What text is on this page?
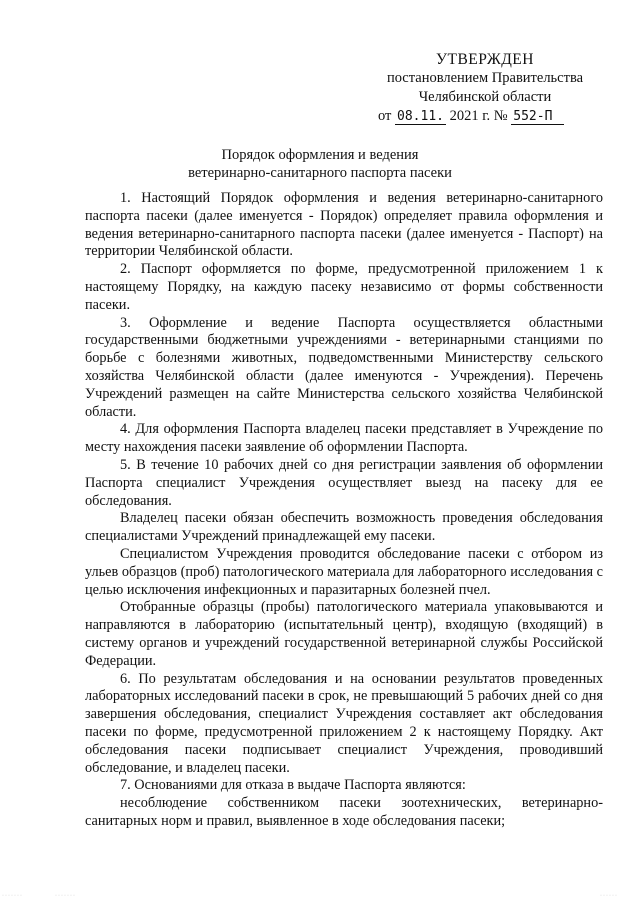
УТВЕРЖДЕН
постановлением Правительства
Челябинской области
от 08.11. 2021 г. № 552-П
Порядок оформления и ведения
ветеринарно-санитарного паспорта пасеки

1. Настоящий Порядок оформления и ведения ветеринарно-санитарного паспорта пасеки (далее именуется - Порядок) определяет правила оформления и ведения ветеринарно-санитарного паспорта пасеки (далее именуется - Паспорт) на территории Челябинской области.

2. Паспорт оформляется по форме, предусмотренной приложением 1 к настоящему Порядку, на каждую пасеку независимо от формы собственности пасеки.

3. Оформление и ведение Паспорта осуществляется областными государственными бюджетными учреждениями - ветеринарными станциями по борьбе с болезнями животных, подведомственными Министерству сельского хозяйства Челябинской области (далее именуются - Учреждения). Перечень Учреждений размещен на сайте Министерства сельского хозяйства Челябинской области.

4. Для оформления Паспорта владелец пасеки представляет в Учреждение по месту нахождения пасеки заявление об оформлении Паспорта.

5. В течение 10 рабочих дней со дня регистрации заявления об оформлении Паспорта специалист Учреждения осуществляет выезд на пасеку для ее обследования.

Владелец пасеки обязан обеспечить возможность проведения обследования специалистами Учреждений принадлежащей ему пасеки.

Специалистом Учреждения проводится обследование пасеки с отбором из ульев образцов (проб) патологического материала для лабораторного исследования с целью исключения инфекционных и паразитарных болезней пчел.

Отобранные образцы (пробы) патологического материала упаковываются и направляются в лабораторию (испытательный центр), входящую (входящий) в систему органов и учреждений государственной ветеринарной службы Российской Федерации.

6. По результатам обследования и на основании результатов проведенных лабораторных исследований пасеки в срок, не превышающий 5 рабочих дней со дня завершения обследования, специалист Учреждения составляет акт обследования пасеки по форме, предусмотренной приложением 2 к настоящему Порядку. Акт обследования пасеки подписывает специалист Учреждения, проводивший обследование, и владелец пасеки.

7. Основаниями для отказа в выдаче Паспорта являются:

несоблюдение собственником пасеки зоотехнических, ветеринарно-санитарных норм и правил, выявленное в ходе обследования пасеки;

·······	·······	······
